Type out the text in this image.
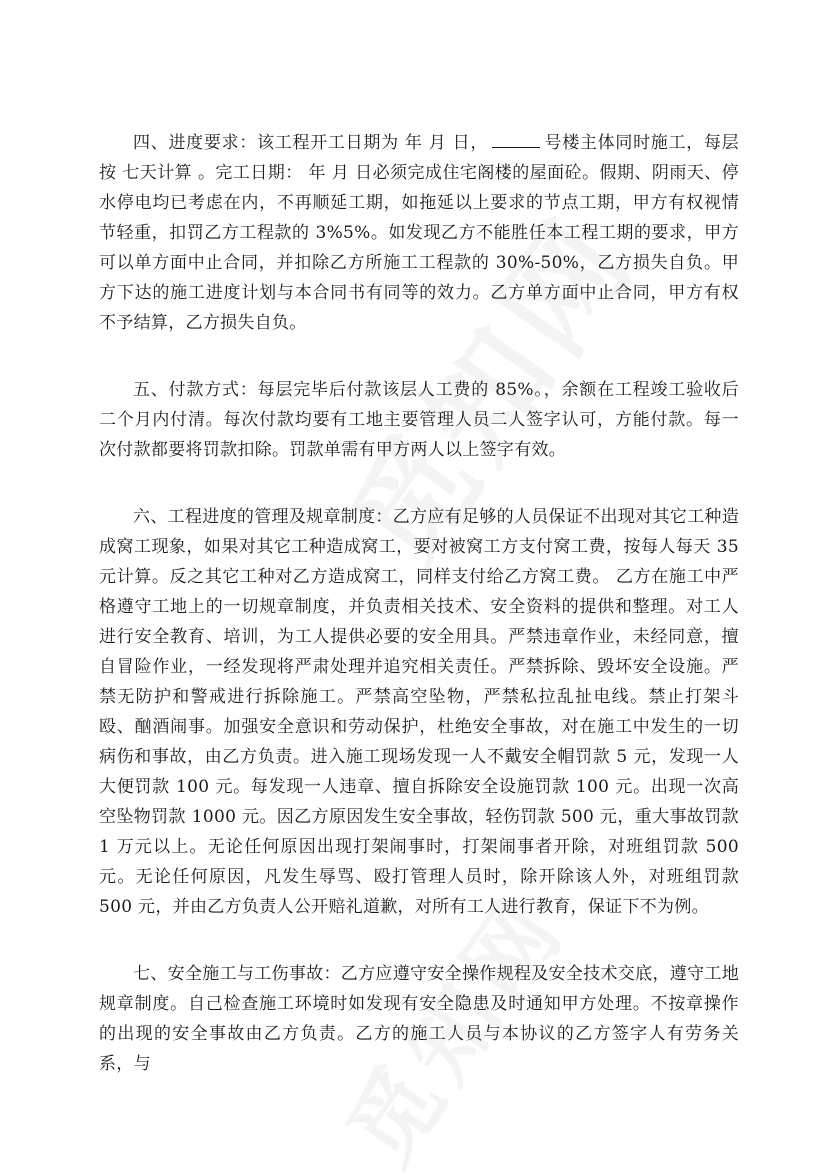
四、进度要求：该工程开工日期为 年 月 日，	号楼主体同时施工，每层按 七天计算 。完工日期： 年 月 日必须完成住宅阁楼的屋面砼。假期、阴雨天、停水停电均已考虑在内，不再顺延工期，如拖延以上要求的节点工期，甲方有权视情节轻重，扣罚乙方工程款的 3%5%。如发现乙方不能胜任本工程工期的要求，甲方可以单方面中止合同，并扣除乙方所施工工程款的 30%-50%，乙方损失自负。甲方下达的施工进度计划与本合同书有同等的效力。乙方单方面中止合同，甲方有权不予结算，乙方损失自负。

五、付款方式：每层完毕后付款该层人工费的 85%。，余额在工程竣工验收后二个月内付清。每次付款均要有工地主要管理人员二人签字认可，方能付款。每一次付款都要将罚款扣除。罚款单需有甲方两人以上签字有效。

六、工程进度的管理及规章制度：乙方应有足够的人员保证不出现对其它工种造成窝工现象，如果对其它工种造成窝工，要对被窝工方支付窝工费，按每人每天 35 元计算。反之其它工种对乙方造成窝工，同样支付给乙方窝工费。 乙方在施工中严格遵守工地上的一切规章制度，并负责相关技术、安全资料的提供和整理。对工人进行安全教育、培训，为工人提供必要的安全用具。严禁违章作业，未经同意，擅自冒险作业，一经发现将严肃处理并追究相关责任。严禁拆除、毁坏安全设施。严禁无防护和警戒进行拆除施工。严禁高空坠物，严禁私拉乱扯电线。禁止打架斗殴、酗酒闹事。加强安全意识和劳动保护，杜绝安全事故，对在施工中发生的一切病伤和事故，由乙方负责。进入施工现场发现一人不戴安全帽罚款 5 元，发现一人大便罚款 100 元。每发现一人违章、擅自拆除安全设施罚款 100 元。出现一次高空坠物罚款 1000 元。因乙方原因发生安全事故，轻伤罚款 500 元，重大事故罚款 1 万元以上。无论任何原因出现打架闹事时，打架闹事者开除，对班组罚款 500 元。无论任何原因，凡发生辱骂、殴打管理人员时，除开除该人外，对班组罚款 500 元，并由乙方负责人公开赔礼道歉，对所有工人进行教育，保证下不为例。

七、安全施工与工伤事故：乙方应遵守安全操作规程及安全技术交底，遵守工地规章制度。自己检查施工环境时如发现有安全隐患及时通知甲方处理。不按章操作的出现的安全事故由乙方负责。乙方的施工人员与本协议的乙方签字人有劳务关系，与
